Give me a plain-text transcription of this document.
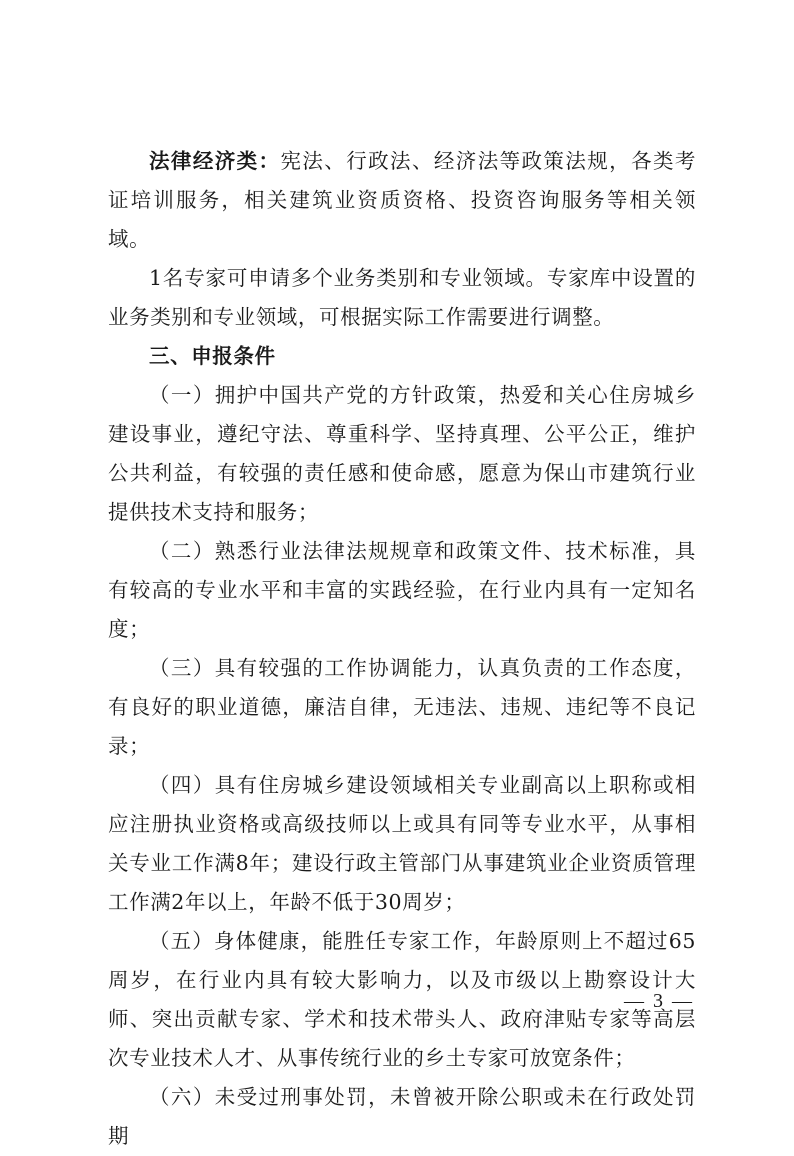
法律经济类：宪法、行政法、经济法等政策法规，各类考证培训服务，相关建筑业资质资格、投资咨询服务等相关领域。

1名专家可申请多个业务类别和专业领域。专家库中设置的业务类别和专业领域，可根据实际工作需要进行调整。

三、申报条件

（一）拥护中国共产党的方针政策，热爱和关心住房城乡建设事业，遵纪守法、尊重科学、坚持真理、公平公正，维护公共利益，有较强的责任感和使命感，愿意为保山市建筑行业提供技术支持和服务；

（二）熟悉行业法律法规规章和政策文件、技术标准，具有较高的专业水平和丰富的实践经验，在行业内具有一定知名度；

（三）具有较强的工作协调能力，认真负责的工作态度，有良好的职业道德，廉洁自律，无违法、违规、违纪等不良记录；

（四）具有住房城乡建设领域相关专业副高以上职称或相应注册执业资格或高级技师以上或具有同等专业水平，从事相关专业工作满8年；建设行政主管部门从事建筑业企业资质管理工作满2年以上，年龄不低于30周岁；

（五）身体健康，能胜任专家工作，年龄原则上不超过65周岁，在行业内具有较大影响力，以及市级以上勘察设计大师、突出贡献专家、学术和技术带头人、政府津贴专家等高层次专业技术人才、从事传统行业的乡土专家可放宽条件；

（六）未受过刑事处罚，未曾被开除公职或未在行政处罚期

— 3 —
